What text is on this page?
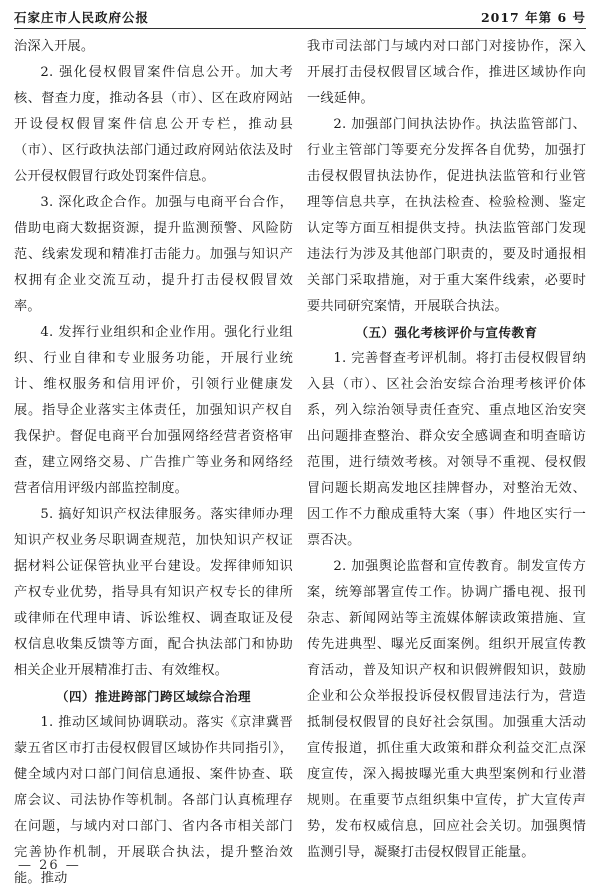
石家庄市人民政府公报	2017 年第 6 号

治深入开展。

2. 强化侵权假冒案件信息公开。加大考核、督查力度，推动各县（市）、区在政府网站开设侵权假冒案件信息公开专栏，推动县（市）、区行政执法部门通过政府网站依法及时公开侵权假冒行政处罚案件信息。

3. 深化政企合作。加强与电商平台合作，借助电商大数据资源，提升监测预警、风险防范、线索发现和精准打击能力。加强与知识产权拥有企业交流互动，提升打击侵权假冒效率。

4. 发挥行业组织和企业作用。强化行业组织、行业自律和专业服务功能，开展行业统计、维权服务和信用评价，引领行业健康发展。指导企业落实主体责任，加强知识产权自我保护。督促电商平台加强网络经营者资格审查，建立网络交易、广告推广等业务和网络经营者信用评级内部监控制度。

5. 搞好知识产权法律服务。落实律师办理知识产权业务尽职调查规范，加快知识产权证据材料公证保管执业平台建设。发挥律师知识产权专业优势，指导具有知识产权专长的律所或律师在代理申请、诉讼维权、调查取证及侵权信息收集反馈等方面，配合执法部门和协助相关企业开展精准打击、有效维权。

（四）推进跨部门跨区域综合治理

1. 推动区域间协调联动。落实《京津冀晋蒙五省区市打击侵权假冒区域协作共同指引》，健全域内对口部门间信息通报、案件协查、联席会议、司法协作等机制。各部门认真梳理存在问题，与域内对口部门、省内各市相关部门完善协作机制，开展联合执法，提升整治效能。推动

我市司法部门与域内对口部门对接协作，深入开展打击侵权假冒区域合作，推进区域协作向一线延伸。

2. 加强部门间执法协作。执法监管部门、行业主管部门等要充分发挥各自优势，加强打击侵权假冒执法协作，促进执法监管和行业管理等信息共享，在执法检查、检验检测、鉴定认定等方面互相提供支持。执法监管部门发现违法行为涉及其他部门职责的，要及时通报相关部门采取措施，对于重大案件线索，必要时要共同研究案情，开展联合执法。

（五）强化考核评价与宣传教育

1. 完善督查考评机制。将打击侵权假冒纳入县（市）、区社会治安综合治理考核评价体系，列入综治领导责任查究、重点地区治安突出问题排查整治、群众安全感调查和明查暗访范围，进行绩效考核。对领导不重视、侵权假冒问题长期高发地区挂牌督办，对整治无效、因工作不力酿成重特大案（事）件地区实行一票否决。

2. 加强舆论监督和宣传教育。制发宣传方案，统筹部署宣传工作。协调广播电视、报刊杂志、新闻网站等主流媒体解读政策措施、宣传先进典型、曝光反面案例。组织开展宣传教育活动，普及知识产权和识假辨假知识，鼓励企业和公众举报投诉侵权假冒违法行为，营造抵制侵权假冒的良好社会氛围。加强重大活动宣传报道，抓住重大政策和群众利益交汇点深度宣传，深入揭披曝光重大典型案例和行业潜规则。在重要节点组织集中宣传，扩大宣传声势，发布权威信息，回应社会关切。加强舆情监测引导，凝聚打击侵权假冒正能量。

— 26 —
